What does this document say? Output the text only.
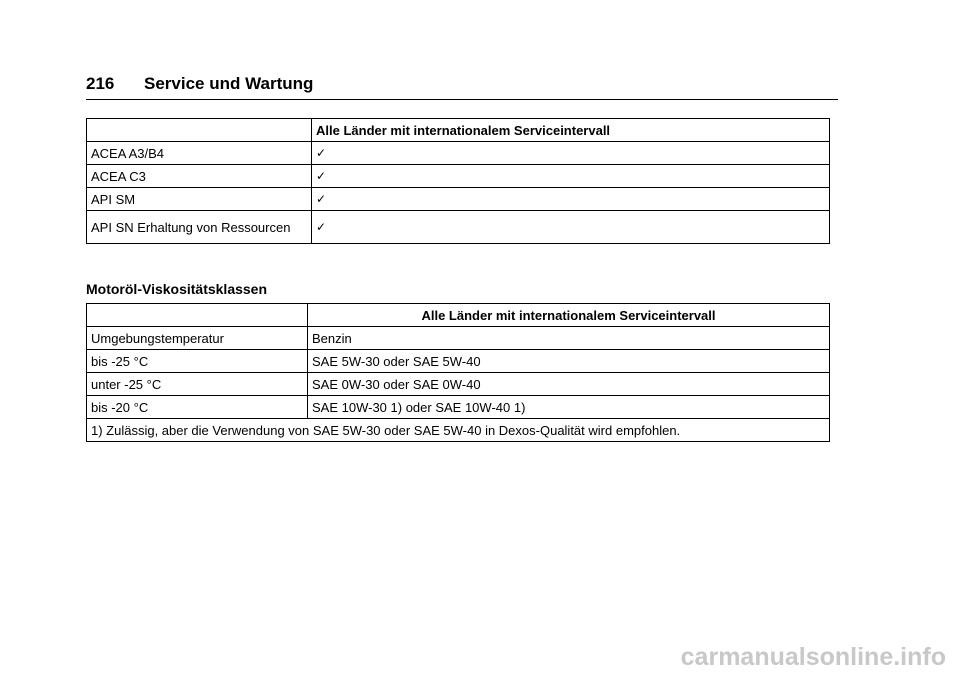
216 Service und Wartung
	Alle Länder mit internationalem Serviceintervall
ACEA A3/B4	✓
ACEA C3	✓
API SM	✓
API SN Erhaltung von Ressourcen	✓
Motoröl-Viskositätsklassen
	Alle Länder mit internationalem Serviceintervall
Umgebungstemperatur	Benzin
bis -25 °C	SAE 5W-30 oder SAE 5W-40
unter -25 °C	SAE 0W-30 oder SAE 0W-40
bis -20 °C	SAE 10W-30 1) oder SAE 10W-40 1)
1) Zulässig, aber die Verwendung von SAE 5W-30 oder SAE 5W-40 in Dexos-Qualität wird empfohlen.	
carmanualsonline.info
